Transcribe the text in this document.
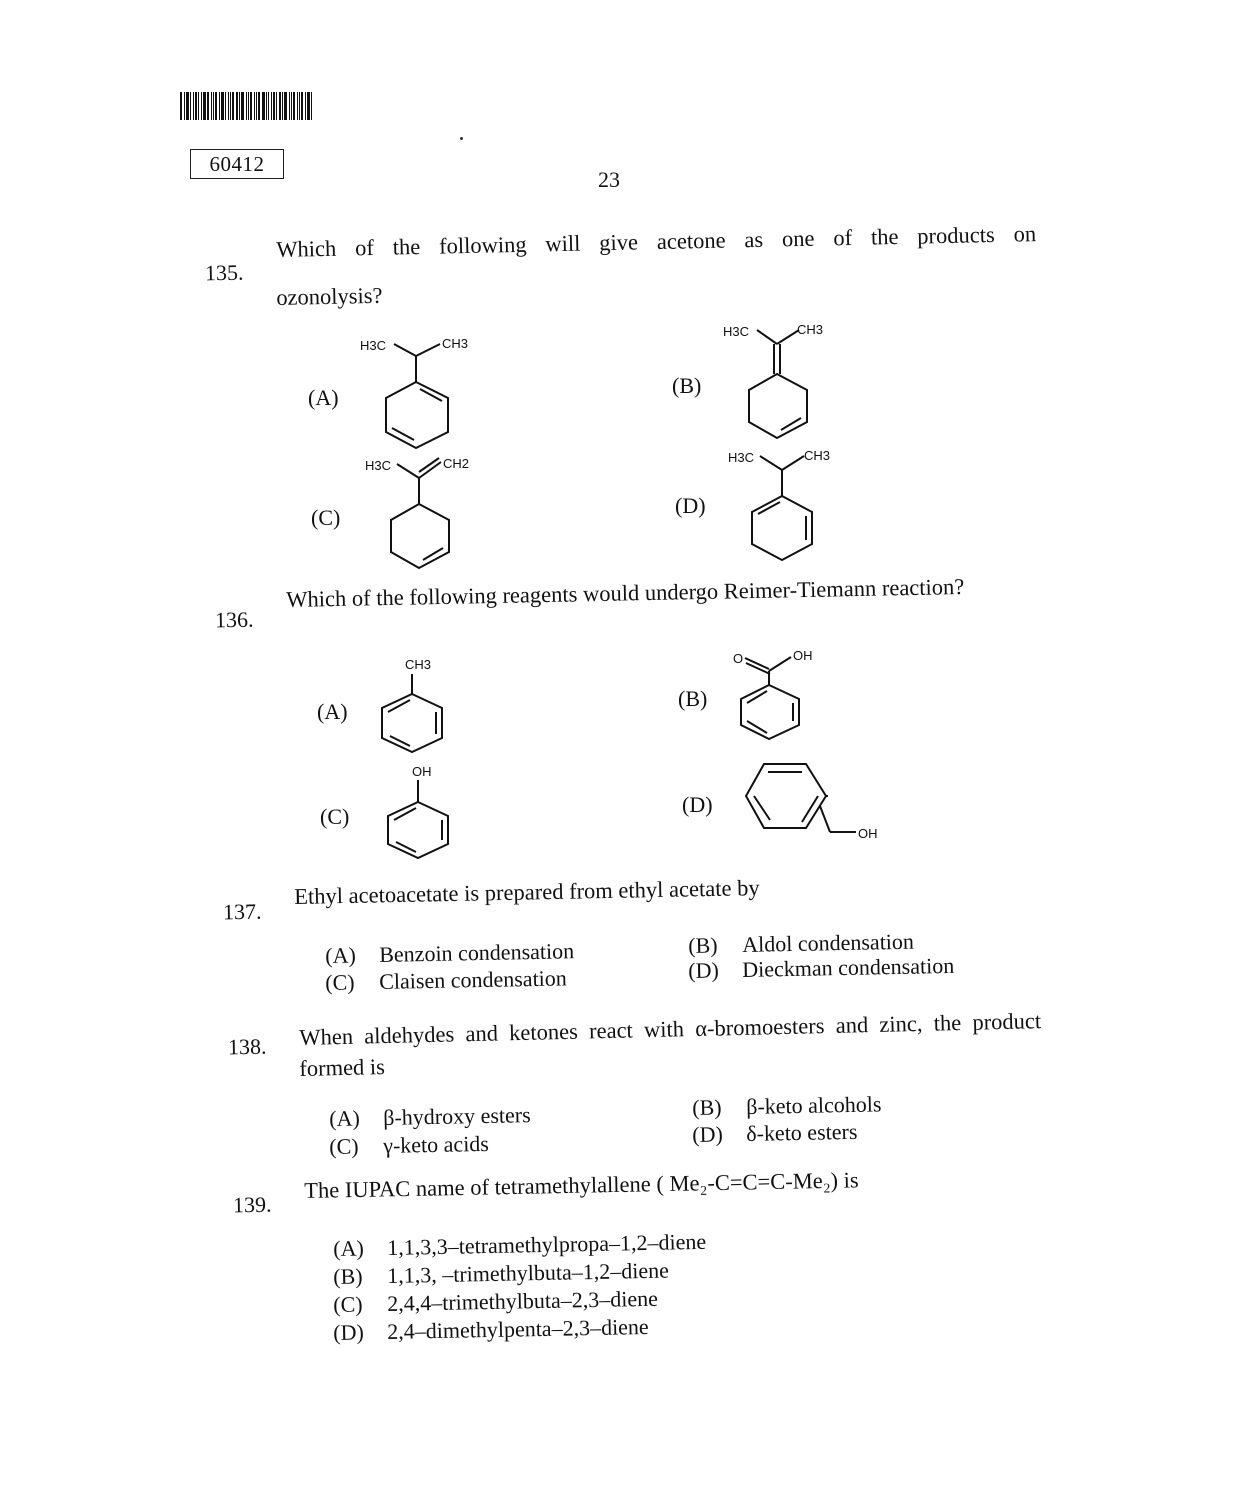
60412
23
135.
Which of the following will give acetone as one of the products on
ozonolysis?
(A)
H3C	CH3
(B)
H3C	CH3
(C)
H3C	CH2
(D)
H3C	CH3
136.
Which of the following reagents would undergo Reimer-Tiemann reaction?
(A)
CH3
(B)
O	OH
(C)
OH
(D)
OH
137.
Ethyl acetoacetate is prepared from ethyl acetate by
(A) Benzoin condensation	(B) Aldol condensation
(C) Claisen condensation	(D) Dieckman condensation
138. When aldehydes and ketones react with α-bromoesters and zinc, the product
formed is
(A) β-hydroxy esters	(B) β-keto alcohols
(C) γ-keto acids	(D) δ-keto esters
139.
The IUPAC name of tetramethylallene ( Me₂-C=C=C-Me₂) is
(A) 1,1,3,3–tetramethylpropa–1,2–diene
(B) 1,1,3, –trimethylbuta–1,2–diene
(C) 2,4,4–trimethylbuta–2,3–diene
(D) 2,4–dimethylpenta–2,3–diene
